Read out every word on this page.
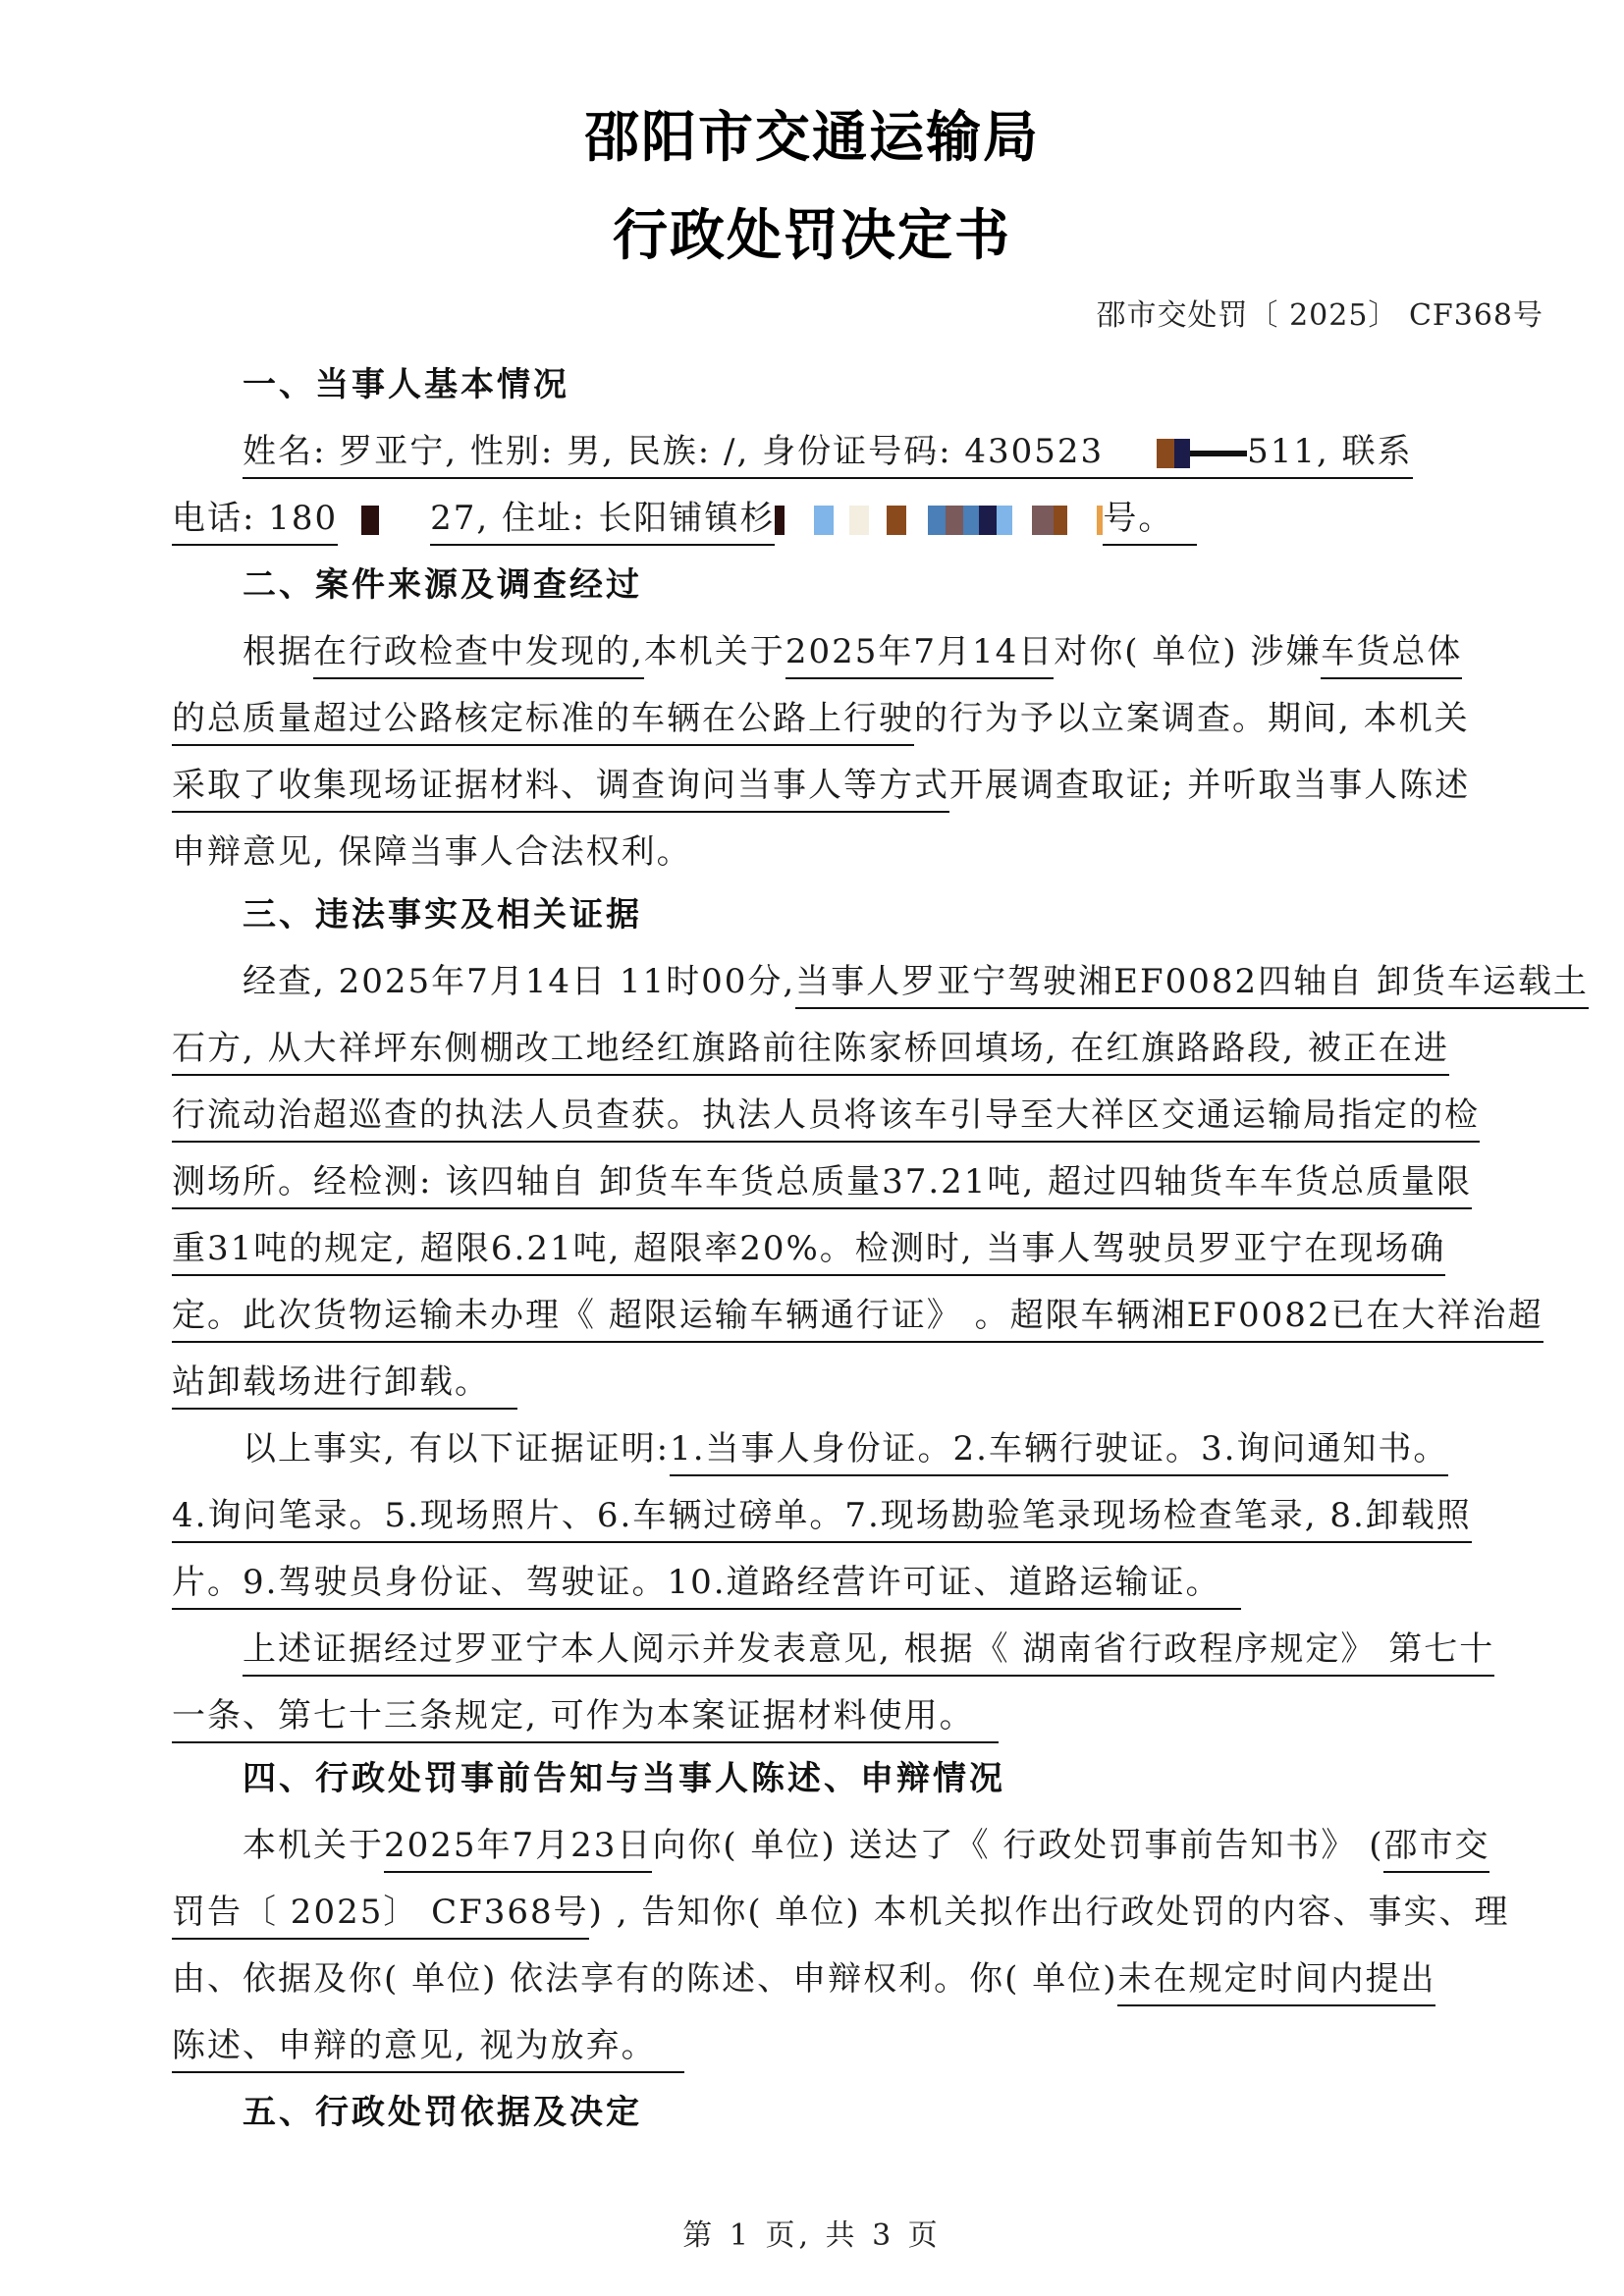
邵阳市交通运输局
行政处罚决定书
邵市交处罚〔 2025〕 CF368号
一、当事人基本情况
姓名: 罗亚宁, 性别: 男, 民族: /, 身份证号码: 430523	511, 联系
电话: 180	27, 住址: 长阳铺镇杉	号。
二、案件来源及调查经过
根据在行政检查中发现的,本机关于2025年7月14日对你( 单位) 涉嫌车货总体
的总质量超过公路核定标准的车辆在公路上行驶的行为予以立案调查。期间, 本机关
采取了收集现场证据材料、调查询问当事人等方式开展调查取证; 并听取当事人陈述
申辩意见, 保障当事人合法权利。
三、违法事实及相关证据
经查, 2025年7月14日 11时00分,当事人罗亚宁驾驶湘EF0082四轴自 卸货车运载土
石方, 从大祥坪东侧棚改工地经红旗路前往陈家桥回填场, 在红旗路路段, 被正在进
行流动治超巡查的执法人员查获。执法人员将该车引导至大祥区交通运输局指定的检
测场所。经检测: 该四轴自 卸货车车货总质量37.21吨, 超过四轴货车车货总质量限
重31吨的规定, 超限6.21吨, 超限率20%。检测时, 当事人驾驶员罗亚宁在现场确
定。此次货物运输未办理《 超限运输车辆通行证》 。超限车辆湘EF0082已在大祥治超
站卸载场进行卸载。
以上事实, 有以下证据证明:1.当事人身份证。2.车辆行驶证。3.询问通知书。
4.询问笔录。5.现场照片、6.车辆过磅单。7.现场勘验笔录现场检查笔录, 8.卸载照
片。9.驾驶员身份证、驾驶证。10.道路经营许可证、道路运输证。
上述证据经过罗亚宁本人阅示并发表意见, 根据《 湖南省行政程序规定》 第七十
一条、第七十三条规定, 可作为本案证据材料使用。
四、行政处罚事前告知与当事人陈述、申辩情况
本机关于2025年7月23日向你( 单位) 送达了《 行政处罚事前告知书》 (邵市交
罚告〔 2025〕 CF368号) , 告知你( 单位) 本机关拟作出行政处罚的内容、事实、理
由、依据及你( 单位) 依法享有的陈述、申辩权利。你( 单位)未在规定时间内提出
陈述、申辩的意见, 视为放弃。
五、行政处罚依据及决定
第 1 页, 共 3 页
